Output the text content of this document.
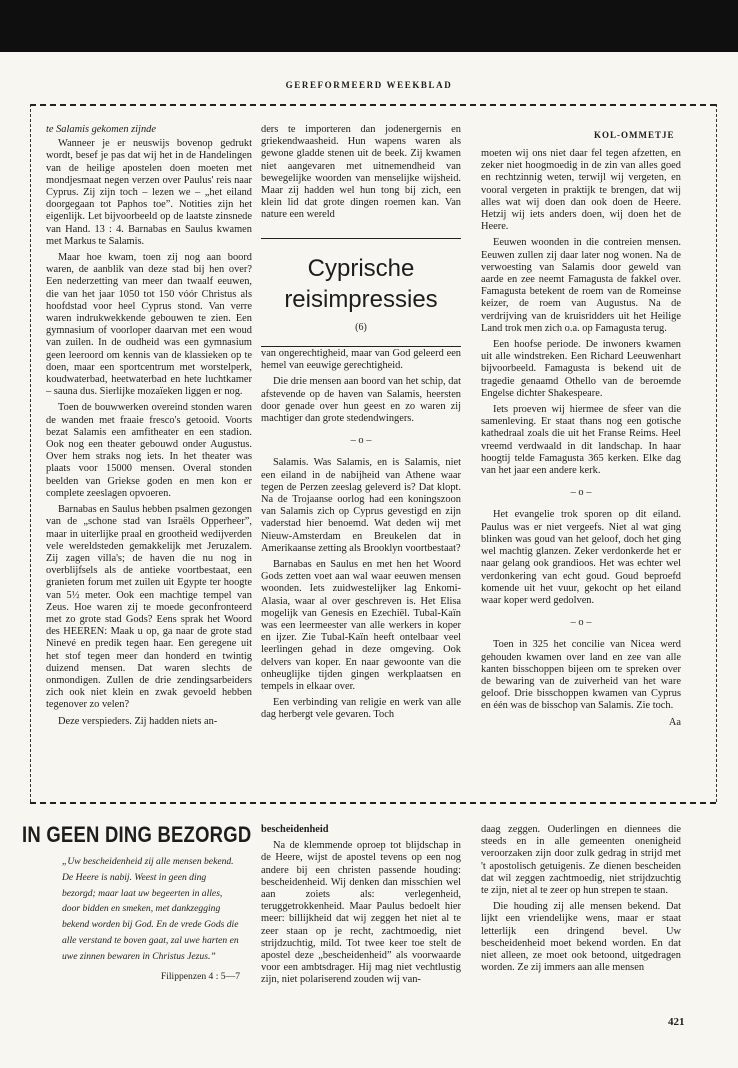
GEREFORMEERD WEEKBLAD
KOL-OMMETJE

te Salamis gekomen zijnde

Wanneer je er neuswijs bovenop gedrukt wordt, besef je pas dat wij het in de Handelingen van de heilige apostelen doen moeten met mondjesmaat negen verzen over Paulus' reis naar Cyprus. Zij zijn toch – lezen we – „het eiland doorgegaan tot Paphos toe”. Notities zijn het eigenlijk. Let bijvoorbeeld op de laatste zinsnede van Hand. 13 : 4. Barnabas en Saulus kwamen met Markus te Salamis.

Maar hoe kwam, toen zij nog aan boord waren, de aanblik van deze stad bij hen over? Een nederzetting van meer dan twaalf eeuwen, die van het jaar 1050 tot 150 vóór Christus als hoofdstad voor heel Cyprus stond. Van verre waren indrukwekkende gebouwen te zien. Een gymnasium of voorloper daarvan met een woud van zuilen. In de oudheid was een gymnasium geen leeroord om kennis van de klassieken op te doen, maar een sportcentrum met worstelperk, koudwaterbad, heetwaterbad en hete luchtkamer – sauna dus. Sierlijke mozaïeken liggen er nog.

Toen de bouwwerken overeind stonden waren de wanden met fraaie fresco's getooid. Voorts bezat Salamis een amfitheater en een stadion. Ook nog een theater gebouwd onder Augustus. Over hem straks nog iets. In het theater was plaats voor 15000 mensen. Overal stonden beelden van Griekse goden en men kon er complete zeeslagen opvoeren.

Barnabas en Saulus hebben psalmen gezongen van de „schone stad van Israëls Opperheer”, maar in uiterlijke praal en grootheid wedijverden vele wereldsteden gemakkelijk met Jeruzalem. Zij zagen villa's; de haven die nu nog in overblijfsels als de antieke voortbestaat, een granieten forum met zuilen uit Egypte ter hoogte van 5½ meter. Ook een machtige tempel van Zeus. Hoe waren zij te moede geconfronteerd met zo grote stad Gods? Eens sprak het Woord des HEEREN: Maak u op, ga naar de grote stad Ninevé en predik tegen haar. Een geregene uit het stof tegen meer dan honderd en twintig duizend mensen. Dat waren slechts de onmondigen. Zullen de drie zendingsarbeiders zich ook niet klein en zwak gevoeld hebben tegenover zo velen?

Deze verspieders. Zij hadden niets an-

ders te importeren dan jodenergernis en griekendwaasheid. Hun wapens waren als gewone gladde stenen uit de beek. Zij kwamen niet aangevaren met uitnemendheid van bewegelijke woorden van menselijke wijsheid. Maar zij hadden wel hun tong bij zich, een klein lid dat grote dingen roemen kan. Van nature een wereld

Cyprische reisimpressies
(6)

van ongerechtigheid, maar van God geleerd een hemel van eeuwige gerechtigheid.

Die drie mensen aan boord van het schip, dat afstevende op de haven van Salamis, heersten door genade over hun geest en zo waren zij machtiger dan grote stedendwingers.

– o –

Salamis. Was Salamis, en is Salamis, niet een eiland in de nabijheid van Athene waar tegen de Perzen zeeslag geleverd is? Dat klopt. Na de Trojaanse oorlog had een koningszoon van Salamis zich op Cyprus gevestigd en zijn vaderstad hier benoemd. Wat deden wij met Nieuw-Amsterdam en Breukelen dat in Amerikaanse zetting als Brooklyn voortbestaat?

Barnabas en Saulus en met hen het Woord Gods zetten voet aan wal waar eeuwen mensen woonden. Iets zuidwestelijker lag Enkomi-Alasia, waar al over geschreven is. Het Elisa mogelijk van Genesis en Ezechiël. Tubal-Kaïn was een leermeester van alle werkers in koper en ijzer. Zie Tubal-Kaïn heeft ontelbaar veel leerlingen gehad in deze omgeving. Ook delvers van koper. En naar gewoonte van die onheuglijke tijden gingen werkplaatsen en tempels in elkaar over.

Een verbinding van religie en werk van alle dag herbergt vele gevaren. Toch

moeten wij ons niet daar fel tegen afzetten, en zeker niet hoogmoedig in de zin van alles goed en rechtzinnig weten, terwijl wij vergeten, en vooral vergeten in praktijk te brengen, dat wij alles wat wij doen dan ook doen de Heere. Hetzij wij iets anders doen, wij doen het de Heere.

Eeuwen woonden in die contreien mensen. Eeuwen zullen zij daar later nog wonen. Na de verwoesting van Salamis door geweld van aarde en zee neemt Famagusta de fakkel over. Famagusta betekent de roem van de Romeinse keizer, de roem van Augustus. Na de verdrijving van de kruisridders uit het Heilige Land trok men zich o.a. op Famagusta terug.

Een hoofse periode. De inwoners kwamen uit alle windstreken. Een Richard Leeuwenhart bijvoorbeeld. Famagusta is bekend uit de tragedie genaamd Othello van de beroemde Engelse dichter Shakespeare.

Iets proeven wij hiermee de sfeer van die samenleving. Er staat thans nog een gotische kathedraal zoals die uit het Franse Reims. Heel vreemd verdwaald in dit landschap. In haar hoogtij telde Famagusta 365 kerken. Elke dag van het jaar een andere kerk.

– o –

Het evangelie trok sporen op dit eiland. Paulus was er niet vergeefs. Niet al wat ging blinken was goud van het geloof, doch het ging wel machtig glanzen. Zeker verdonkerde het er naar gelang ook grandioos. Het was echter wel verdonkering van echt goud. Goud beproefd komende uit het vuur, gekocht op het eiland waar koper werd gedolven.

– o –

Toen in 325 het concilie van Nicea werd gehouden kwamen over land en zee van alle kanten bisschoppen bijeen om te spreken over de bewaring van de zuiverheid van het ware geloof. Drie bisschoppen kwamen van Cyprus en één was de bisschop van Salamis. Zie toch.

Aa
IN GEEN DING BEZORGD
„Uw bescheidenheid zij alle mensen bekend. De Heere is nabij. Weest in geen ding bezorgd; maar laat uw begeerten in alles, door bidden en smeken, met dankzegging bekend worden bij God. En de vrede Gods die alle verstand te boven gaat, zal uwe harten en uwe zinnen bewaren in Christus Jezus.”
Filippenzen 4 : 5—7

bescheidenheid

Na de klemmende oproep tot blijdschap in de Heere, wijst de apostel tevens op een nog andere bij een christen passende houding: bescheidenheid. Wij denken dan misschien wel aan zoiets als: verlegenheid, teruggetrokkenheid. Maar Paulus bedoelt hier meer: billijkheid dat wij zeggen het niet al te zeer staan op je recht, zachtmoedig, niet strijdzuchtig, mild. Tot twee keer toe stelt de apostel deze „bescheidenheid” als voorwaarde voor een ambtsdrager. Hij mag niet vechtlustig zijn, niet polariserend zouden wij van-

daag zeggen. Ouderlingen en diennees die steeds en in alle gemeenten onenigheid veroorzaken zijn door zulk gedrag in strijd met 't apostolisch getuigenis. Ze dienen bescheiden dat wil zeggen zachtmoedig, niet strijdzuchtig te zijn, niet al te zeer op hun strepen te staan.

Die houding zij alle mensen bekend. Dat lijkt een vriendelijke wens, maar er staat letterlijk een dringend bevel. Uw bescheidenheid moet bekend worden. En dat niet alleen, ze moet ook betoond, uitgedragen worden. Ze zij immers aan alle mensen

421
